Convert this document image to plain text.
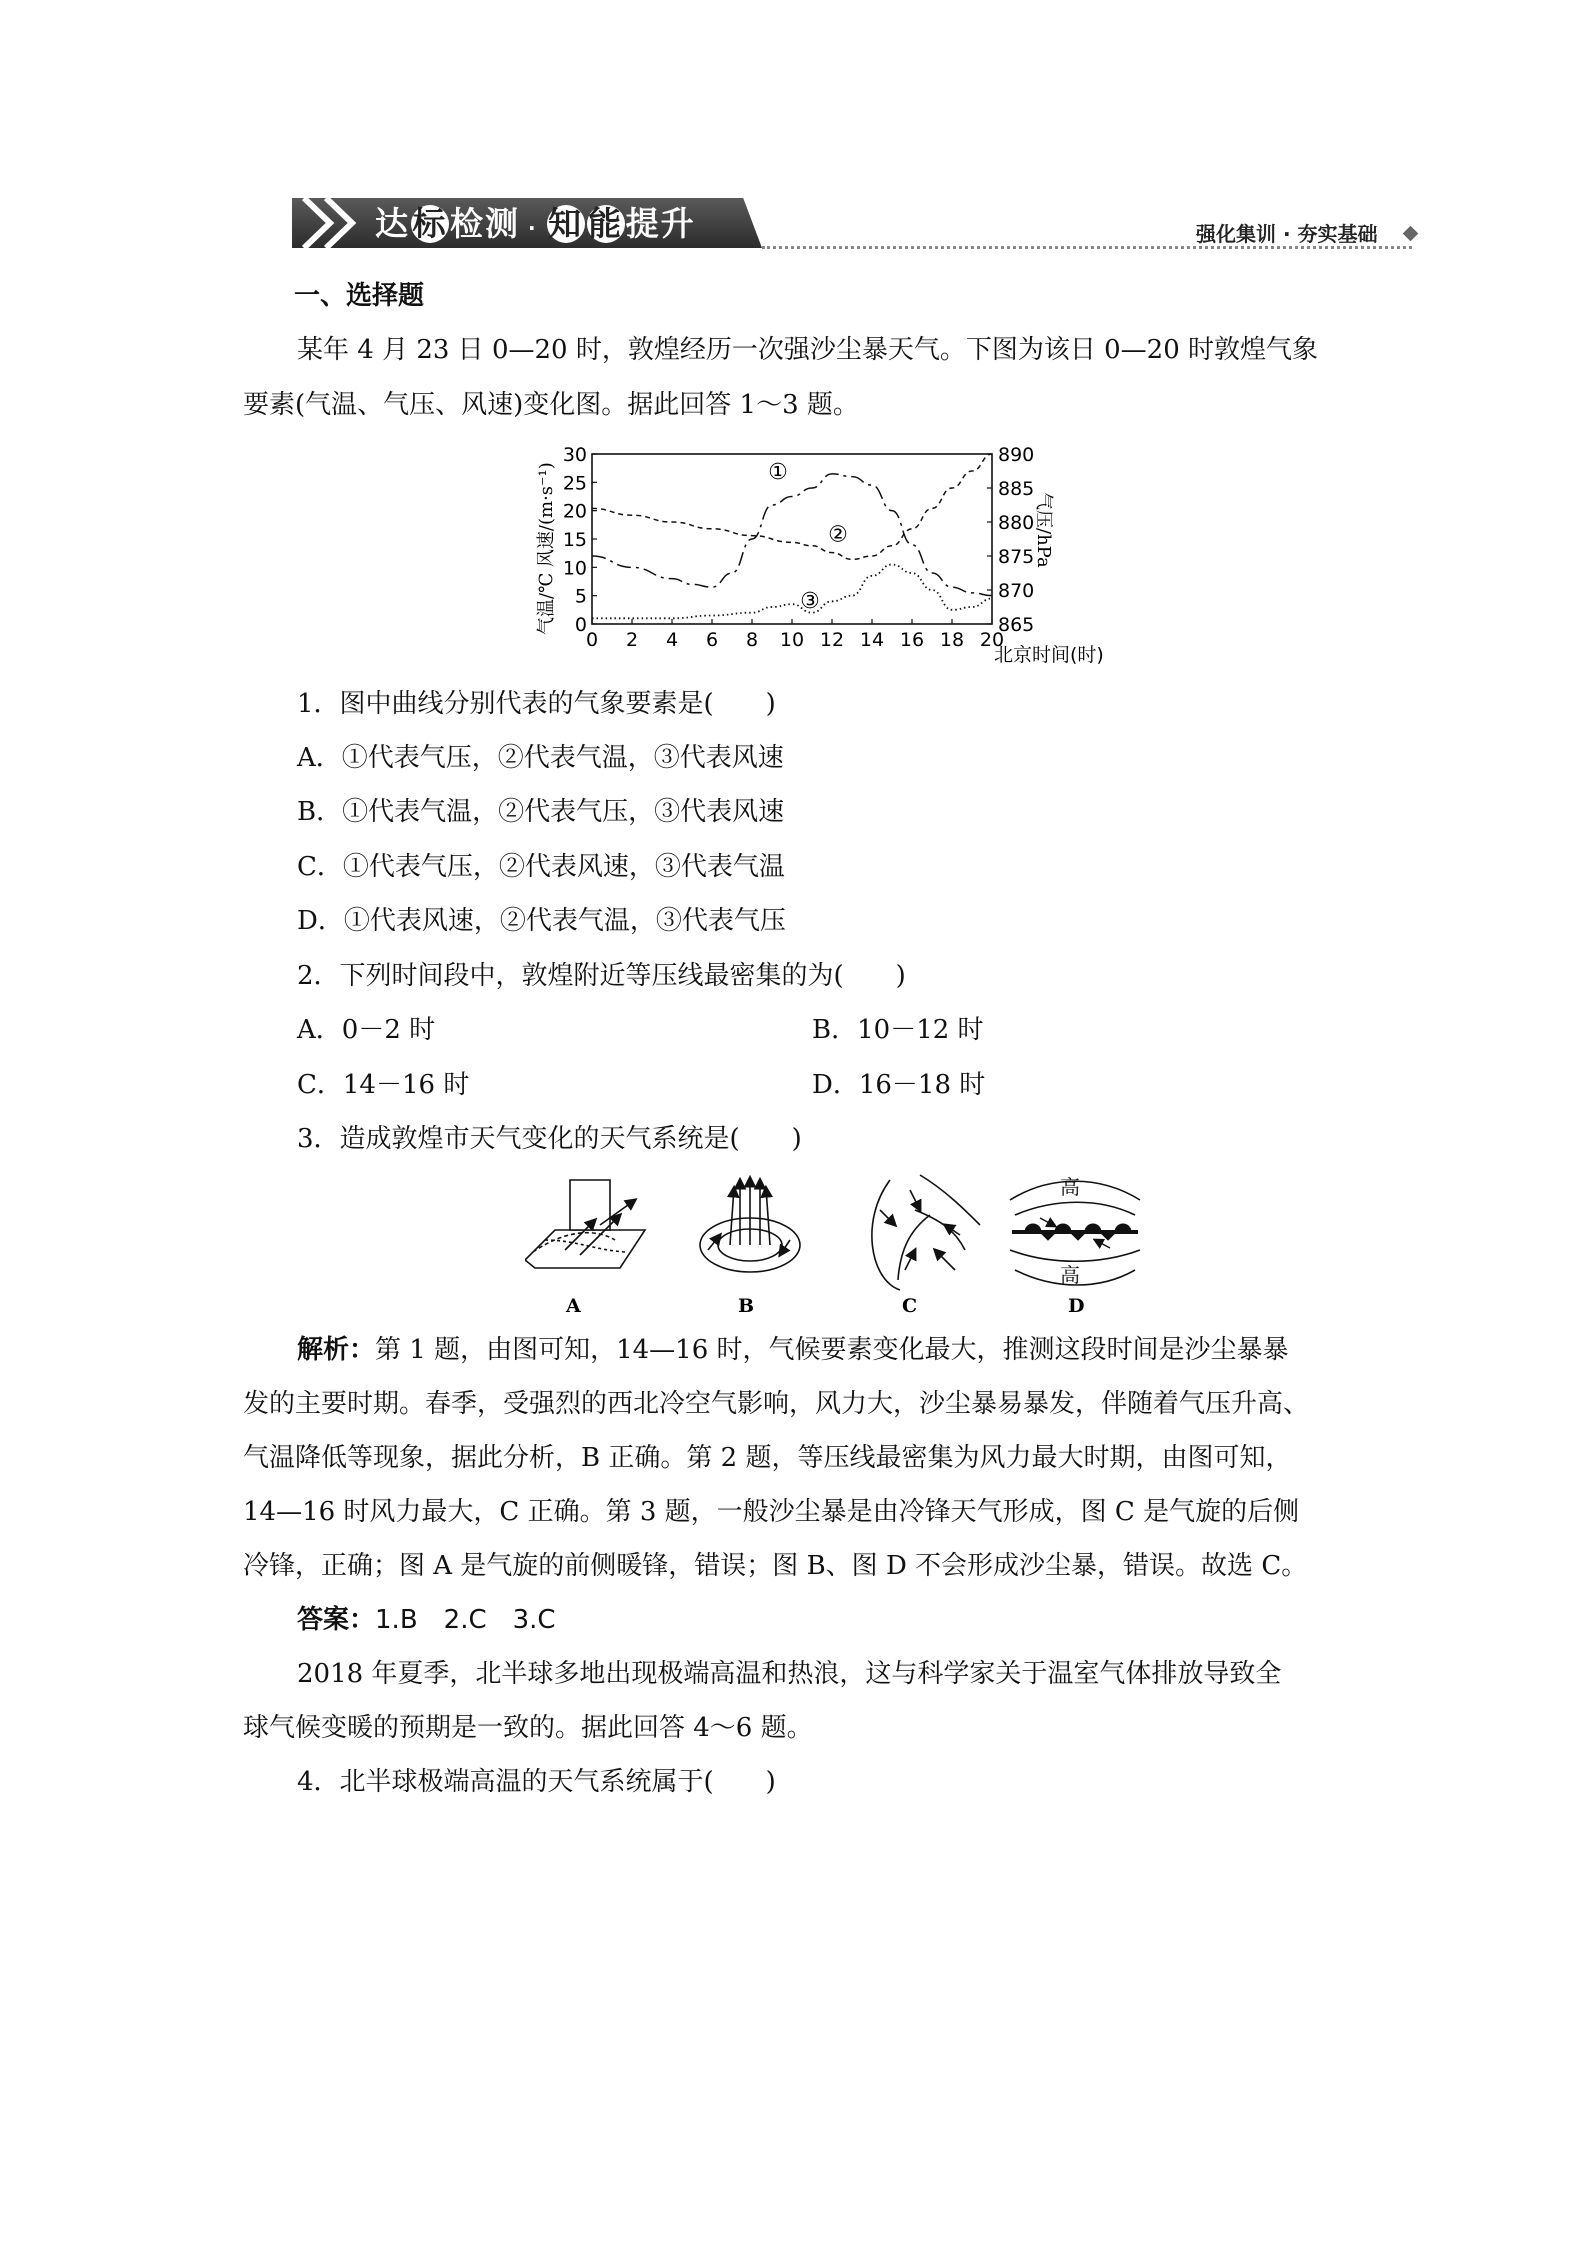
达标检测 · 知 能提升	强化集训 · 夯实基础
一、选择题
某年 4 月 23 日 0—20 时，敦煌经历一次强沙尘暴天气。下图为该日 0—20 时敦煌气象
要素(气温、气压、风速)变化图。据此回答 1～3 题。
0 2 4 6 8 10 12 14 16 18 20
0
5
10
15
20
25
30
865
870
875
880
885
890
①
②
③
气温/℃ 风速/(m·s⁻¹)	气压/hPa
北京时间(时)
1．图中曲线分别代表的气象要素是(　　)
A．①代表气压，②代表气温，③代表风速
B．①代表气温，②代表气压，③代表风速
C．①代表气压，②代表风速，③代表气温
D．①代表风速，②代表气温，③代表气压
2．下列时间段中，敦煌附近等压线最密集的为(　　)
A．0－2 时	B．10－12 时
C．14－16 时	D．16－18 时
3．造成敦煌市天气变化的天气系统是(　　)
高
高
A	B	C	D
解析：第 1 题，由图可知，14—16 时，气候要素变化最大，推测这段时间是沙尘暴暴
发的主要时期。春季，受强烈的西北冷空气影响，风力大，沙尘暴易暴发，伴随着气压升高、
气温降低等现象，据此分析，B 正确。第 2 题，等压线最密集为风力最大时期，由图可知，
14—16 时风力最大，C 正确。第 3 题，一般沙尘暴是由冷锋天气形成，图 C 是气旋的后侧
冷锋，正确；图 A 是气旋的前侧暖锋，错误；图 B、图 D 不会形成沙尘暴，错误。故选 C。
答案：1.B　2.C　3.C
2018 年夏季，北半球多地出现极端高温和热浪，这与科学家关于温室气体排放导致全
球气候变暖的预期是一致的。据此回答 4～6 题。
4．北半球极端高温的天气系统属于(　　)
